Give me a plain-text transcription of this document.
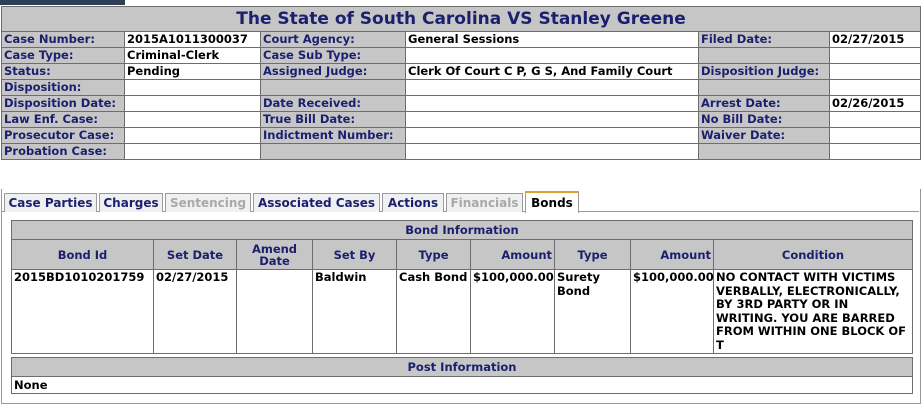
The State of South Carolina VS Stanley Greene					
Case Number:	2015A1011300037	Court Agency:	General Sessions	Filed Date:	02/27/2015
Case Type:	Criminal-Clerk	Case Sub Type:			
Status:	Pending	Assigned Judge:	Clerk Of Court C P, G S, And Family Court	Disposition Judge:	
Disposition:					
Disposition Date:		Date Received:		Arrest Date:	02/26/2015
Law Enf. Case:		True Bill Date:		No Bill Date:	
Prosecutor Case:		Indictment Number:		Waiver Date:	
Probation Case:					
Case Parties Charges Sentencing Associated Cases	Actions	Financials	Bonds
Bond Information								
Bond Id	Set Date	Amend Date	Set By	Type	Amount	Type	Amount	Condition
2015BD1010201759	02/27/2015		Baldwin	Cash Bond	$100,000.00	Surety Bond	$100,000.00	NO CONTACT WITH VICTIMS VERBALLY, ELECTRONICALLY, BY 3RD PARTY OR IN WRITING. YOU ARE BARRED FROM WITHIN ONE BLOCK OF T
Post Information
None
